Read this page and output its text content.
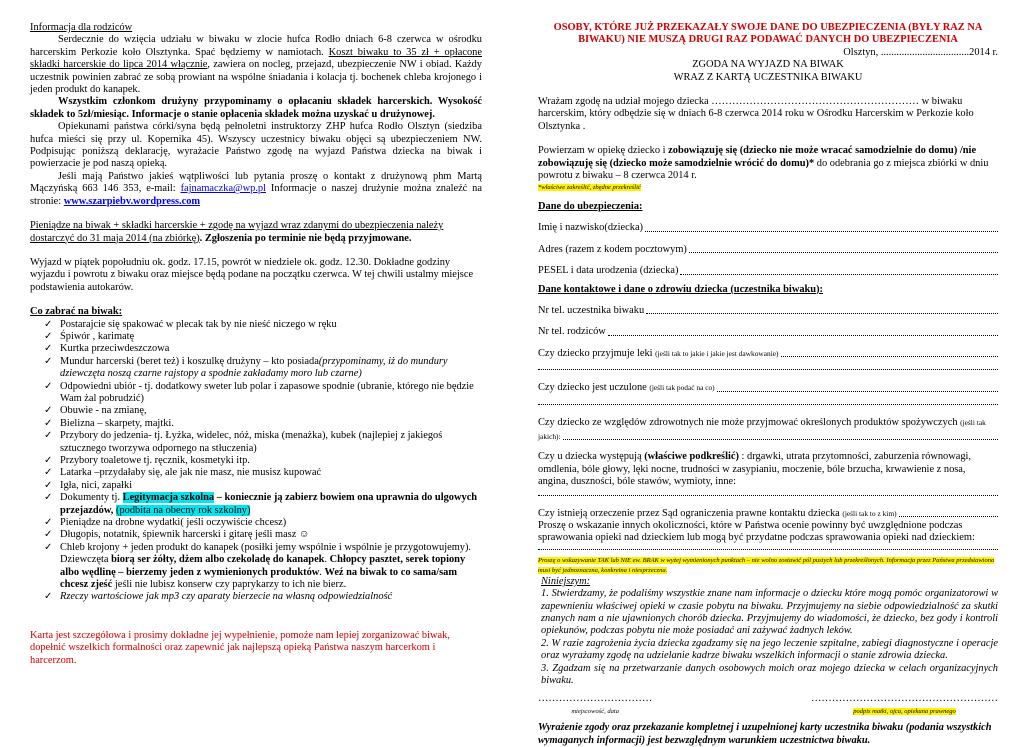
Informacja dla rodziców

Serdecznie do wzięcia udziału w biwaku w zlocie hufca Rodło dniach 6-8 czerwca w ośrodku harcerskim Perkozie koło Olsztynka. Spać będziemy w namiotach. Koszt biwaku to 35 zł + opłacone składki harcerskie do lipca 2014 włącznie, zawiera on nocleg, przejazd, ubezpieczenie NW i obiad. Każdy uczestnik powinien zabrać ze sobą prowiant na wspólne śniadania i kolacja tj. bochenek chleba krojonego i jeden produkt do kanapek.

Wszystkim członkom drużyny przypominamy o opłacaniu składek harcerskich. Wysokość składek to 5zł/miesiąc. Informacje o stanie opłacenia składek można uzyskać u drużynowej.

Opiekunami państwa córki/syna będą pełnoletni instruktorzy ZHP hufca Rodło Olsztyn (siedziba hufca mieści się przy ul. Kopernika 45). Wszyscy uczestnicy biwaku objęci są ubezpieczeniem NW. Podpisując poniższą deklarację, wyrażacie Państwo zgodę na wyjazd Państwa dziecka na biwak i powierzacie je pod naszą opieką.

Jeśli mają Państwo jakieś wątpliwości lub pytania proszę o kontakt z drużynową phm Martą Mączyńską 663 146 353, e-mail: fajnamaczka@wp.pl Informacje o naszej drużynie można znaleźć na stronie: www.szarpiebv.wordpress.com

Pieniądze na biwak + składki harcerskie + zgodę na wyjazd wraz zdanymi do ubezpieczenia należy dostarczyć do 31 maja 2014 (na zbiórkę). Zgłoszenia po terminie nie będą przyjmowane.

Wyjazd w piątek popołudniu ok. godz. 17.15, powrót w niedziele ok. godz. 12.30. Dokładne godziny wyjazdu i powrotu z biwaku oraz miejsce będą podane na początku czerwca. W tej chwili ustalmy miejsce podstawienia autokarów.

Co zabrać na biwak:

✓ Postarajcie się spakować w plecak tak by nie nieść niczego w ręku
✓ Śpiwór , karimatę
✓ Kurtka przeciwdeszczowa
✓ Mundur harcerski (beret też) i koszulkę drużyny – kto posiada(przypominamy, iż do mundury dziewczęta noszą czarne rajstopy a spodnie zakładamy moro lub czarne)
✓ Odpowiedni ubiór - tj. dodatkowy sweter lub polar i zapasowe spodnie (ubranie, którego nie będzie Wam żal pobrudzić)
✓ Obuwie - na zmianę,
✓ Bielizna – skarpety, majtki.
✓ Przybory do jedzenia- tj. Łyżka, widelec, nóż, miska (menażka), kubek (najlepiej z jakiegoś sztucznego tworzywa odpornego na stłuczenia)
✓ Przybory toaletowe tj. ręcznik, kosmetyki itp.
✓ Latarka –przydałaby się, ale jak nie masz, nie musisz kupować
✓ Igła, nici, zapałki
✓ Dokumenty tj. Legitymacja szkolna – koniecznie ją zabierz bowiem ona uprawnia do ulgowych przejazdów, (podbita na obecny rok szkolny)
✓ Pieniądze na drobne wydatki( jeśli oczywiście chcesz)
✓ Długopis, notatnik, śpiewnik harcerski i gitarę jeśli masz ☺
✓ Chleb krojony + jeden produkt do kanapek (posiłki jemy wspólnie i wspólnie je przygotowujemy). Dziewczęta biorą ser żółty, dżem albo czekoladę do kanapek. Chłopcy pasztet, serek topiony albo wędlinę – bierzemy jeden z wymienionych produktów. Weź na biwak to co sama/sam chcesz zjeść jeśli nie lubisz konserw czy paprykarzy to ich nie bierz.
✓ Rzeczy wartościowe jak mp3 czy aparaty bierzecie na własną odpowiedzialność

Karta jest szczegółowa i prosimy dokładne jej wypełnienie, pomoże nam lepiej zorganizować biwak, dopełnić wszelkich formalności oraz zapewnić jak najlepszą opieką Państwa naszym harcerkom i harcerzom.

OSOBY, KTÓRE JUŻ PRZEKAZAŁY SWOJE DANE DO UBEZPIECZENIA (BYŁY RAZ NA BIWAKU) NIE MUSZĄ DRUGI RAZ PODAWAĆ DANYCH DO UBEZPIECZENIA

Olsztyn, ..................................2014 r.

ZGODA NA WYJAZD NA BIWAK

WRAZ Z KARTĄ UCZESTNIKA BIWAKU

Wrażam zgodę na udział mojego dziecka …………………………………………………… w biwaku harcerskim, który odbędzie się w dniach 6-8 czerwca 2014 roku w Ośrodku Harcerskim w Perkozie koło Olsztynka .

Powierzam w opiekę dziecko i zobowiązuję się (dziecko nie może wracać samodzielnie do domu) /nie zobowiązuję się (dziecko może samodzielnie wrócić do domu)* do odebrania go z miejsca zbiórki w dniu powrotu z biwaku – 8 czerwca 2014 r.

*właściwe zakreślić, zbędne przekreślić

Dane do ubezpieczenia:

Imię i nazwisko(dziecka)
Adres (razem z kodem pocztowym)
PESEL i data urodzenia (dziecka)

Dane kontaktowe i dane o zdrowiu dziecka (uczestnika biwaku):

Nr tel. uczestnika biwaku
Nr tel. rodziców
Czy dziecko przyjmuje leki (jeśli tak to jakie i jakie jest dawkowanie)
Czy dziecko jest uczulone (jeśli tak podać na co)

Czy dziecko ze względów zdrowotnych nie może przyjmować określonych produktów spożywczych (jeśli tak

jakich):

Czy u dziecka występują (właściwe podkreślić) : drgawki, utrata przytomności, zaburzenia równowagi, omdlenia, bóle głowy, lęki nocne, trudności w zasypianiu, moczenie, bóle brzucha, krwawienie z nosa, angina, duszności, bóle stawów, wymioty, inne:

Czy istnieją orzeczenie przez Sąd ograniczenia prawne kontaktu dziecka (jeśli tak to z kim)

Proszę o wskazanie innych okoliczności, które w Państwa ocenie powinny być uwzględnione podczas sprawowania opieki nad dzieckiem lub mogą być przydatne podczas sprawowania opieki nad dzieckiem:

Proszę o wskazywanie TAK lub NIE ew. BRAK w wyżej wymienionych punktach – nie wolno zostawić pól pustych lub przekreślonych. Informacja przez Państwa przedstawiona musi być jednoznaczna, konkretna i niesprzeczna.

Niniejszym:

1. Stwierdzamy, że podaliśmy wszystkie znane nam informacje o dziecku które mogą pomóc organizatorowi w zapewnieniu właściwej opieki w czasie pobytu na biwaku. Przyjmujemy na siebie odpowiedzialność za skutki znanych nam a nie ujawnionych chorób dziecka. Przyjmujemy do wiadomości, że dziecko, bez gody i kontroli opiekunów, podczas pobytu nie może posiadać ani zażywać żadnych leków.

2. W razie zagrożenia życia dziecka zgadzamy się na jego leczenie szpitalne, zabiegi diagnostyczne i operacje oraz wyrażamy zgodę na udzielanie kadrze biwaku wszelkich informacji o stanie zdrowia dziecka.

3. Zgadzam się na przetwarzanie danych osobowych moich oraz mojego dziecka w celach organizacyjnych biwaku.

……………………………
miejscowość, data
………………………………………………
podpis matki, ojca, opiekuna prawnego

Wyrażenie zgody oraz przekazanie kompletnej i uzupełnionej karty uczestnika biwaku (podania wszystkich wymaganych informacji) jest bezwzględnym warunkiem uczestnictwa biwaku.
